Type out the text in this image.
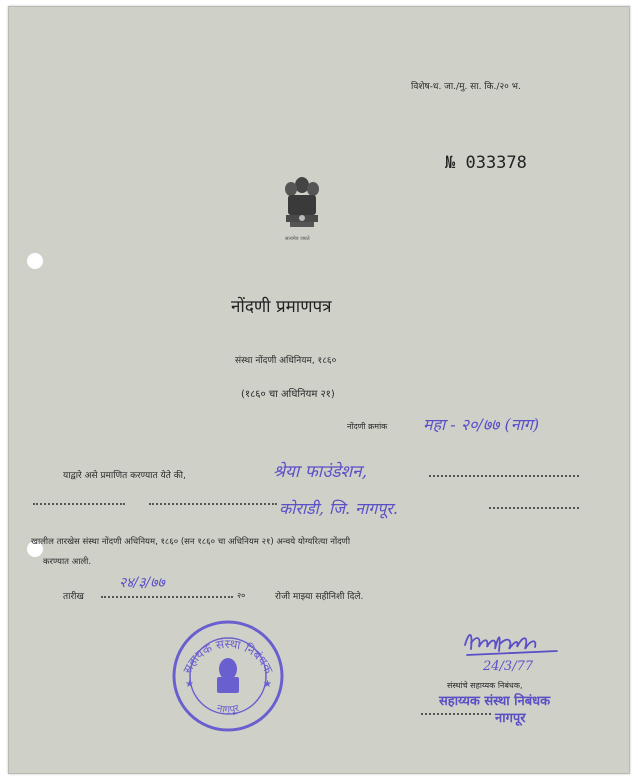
विशेष-ध. जा./मु. सा. कि./२० भ.
№ 033378
सत्यमेव जयते
नोंदणी प्रमाणपत्र
संस्था नोंदणी अधिनियम, १८६०
(१८६० चा अधिनियम २१)
नोंदणी क्रमांक महा - २०/७७ (नाग)
याद्वारे असे प्रमाणित करण्यात येते की,	श्रेया फाउंडेशन,
कोराडी, जि. नागपूर.
खालील तारखेस संस्था नोंदणी अधिनियम, १८६० (सन १८६० चा अधिनियम २१) अन्वये योग्यरित्या नोंदणी
करण्यात आली.
तारीख
२४/३/७७
२०	रोजी माझ्या सहीनिशी दिले.
सहायक संस्था निबंधक
नागपूर
★	★
24/3/77
संस्थांचे सहाय्यक निबंधक,
सहाय्यक संस्था निबंधक
नागपूर
